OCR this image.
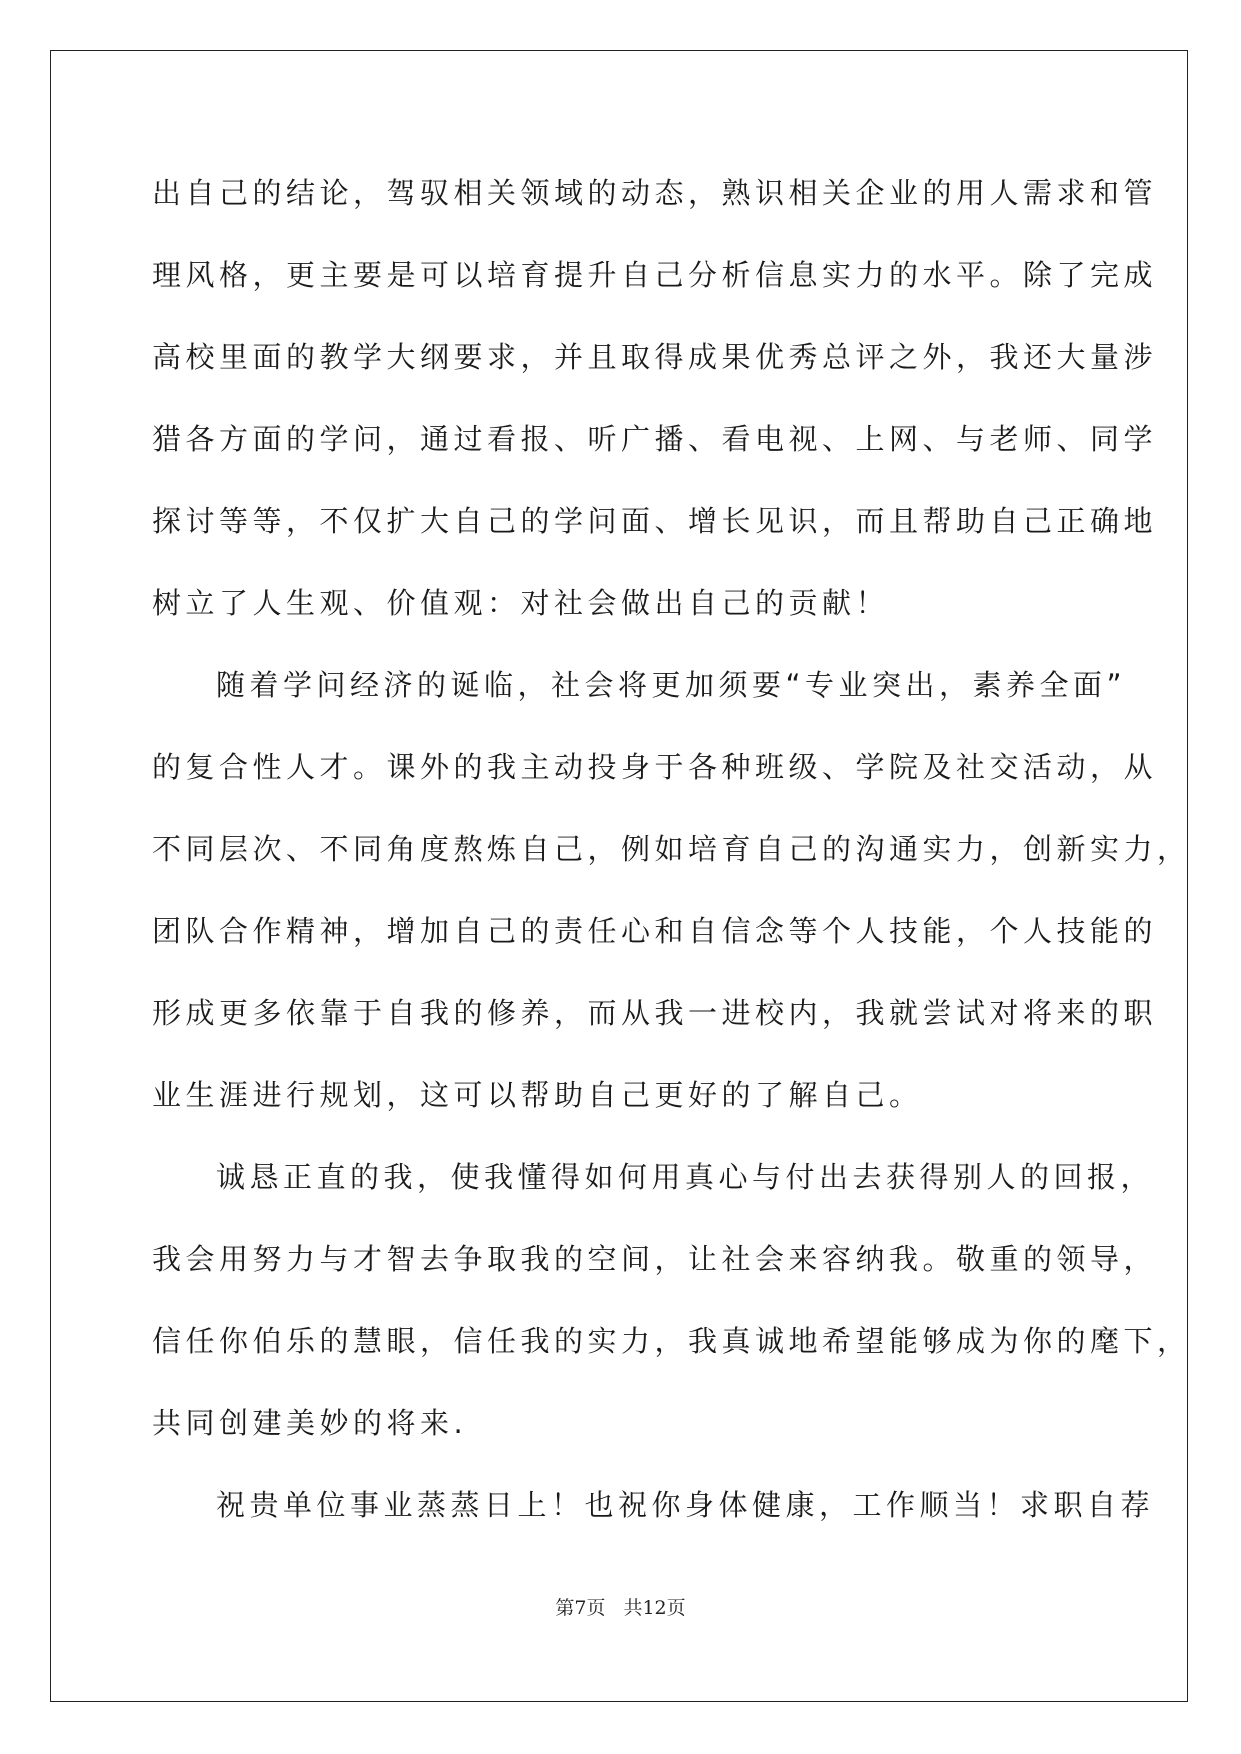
出自己的结论，驾驭相关领域的动态，熟识相关企业的用人需求和管
理风格，更主要是可以培育提升自己分析信息实力的水平。除了完成
高校里面的教学大纲要求，并且取得成果优秀总评之外，我还大量涉
猎各方面的学问，通过看报、听广播、看电视、上网、与老师、同学
探讨等等，不仅扩大自己的学问面、增长见识，而且帮助自己正确地
树立了人生观、价值观：对社会做出自己的贡献！
随着学问经济的诞临，社会将更加须要“专业突出，素养全面”
的复合性人才。课外的我主动投身于各种班级、学院及社交活动，从
不同层次、不同角度熬炼自己，例如培育自己的沟通实力，创新实力，
团队合作精神，增加自己的责任心和自信念等个人技能，个人技能的
形成更多依靠于自我的修养，而从我一进校内，我就尝试对将来的职
业生涯进行规划，这可以帮助自己更好的了解自己。
诚恳正直的我，使我懂得如何用真心与付出去获得别人的回报，
我会用努力与才智去争取我的空间，让社会来容纳我。敬重的领导，
信任你伯乐的慧眼，信任我的实力，我真诚地希望能够成为你的麾下，
共同创建美妙的将来.
祝贵单位事业蒸蒸日上！也祝你身体健康，工作顺当！求职自荐
第7页 共12页
